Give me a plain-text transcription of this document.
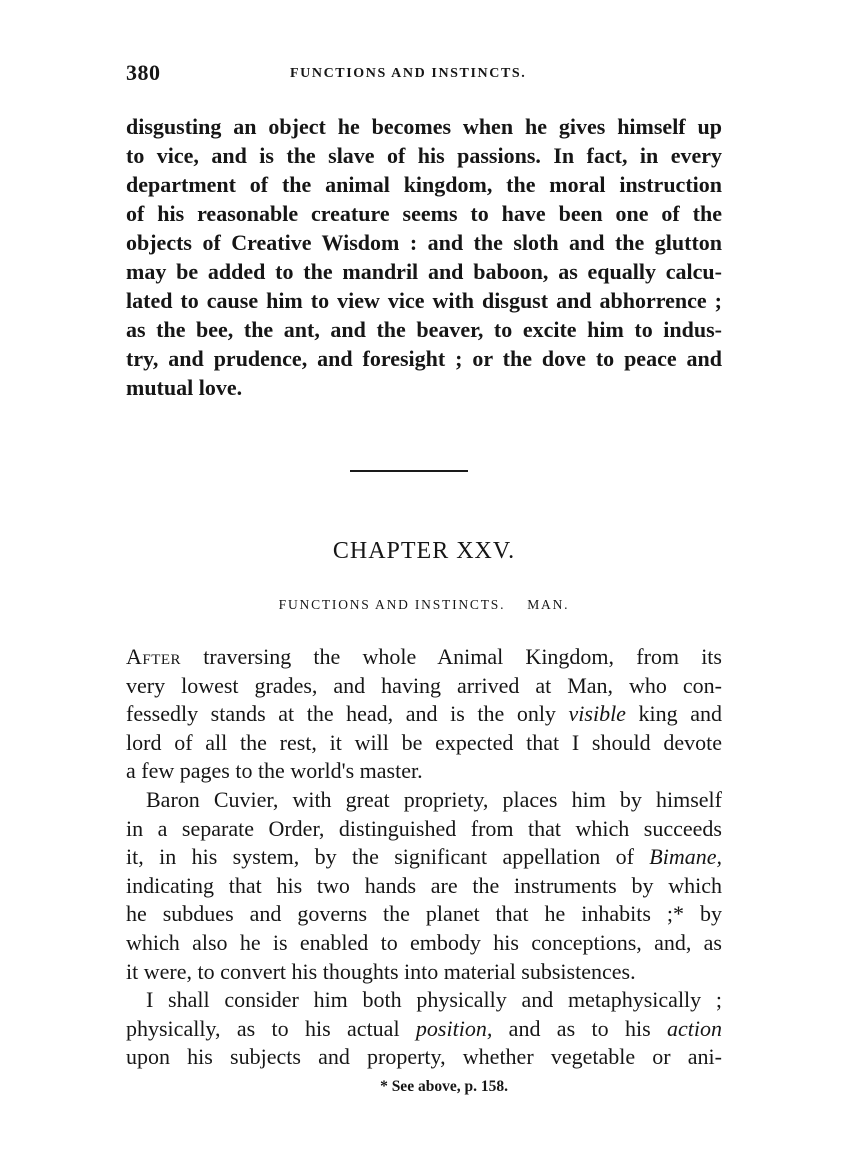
380	FUNCTIONS AND INSTINCTS.
disgusting an object he becomes when he gives himself up
to vice, and is the slave of his passions. In fact, in every
department of the animal kingdom, the moral instruction
of his reasonable creature seems to have been one of the
objects of Creative Wisdom : and the sloth and the glutton
may be added to the mandril and baboon, as equally calcu-
lated to cause him to view vice with disgust and abhorrence ;
as the bee, the ant, and the beaver, to excite him to indus-
try, and prudence, and foresight ; or the dove to peace and
mutual love.
CHAPTER XXV.
FUNCTIONS AND INSTINCTS. MAN.
After traversing the whole Animal Kingdom, from its
very lowest grades, and having arrived at Man, who con-
fessedly stands at the head, and is the only visible king and
lord of all the rest, it will be expected that I should devote
a few pages to the world's master.
Baron Cuvier, with great propriety, places him by himself
in a separate Order, distinguished from that which succeeds
it, in his system, by the significant appellation of Bimane,
indicating that his two hands are the instruments by which
he subdues and governs the planet that he inhabits ;* by
which also he is enabled to embody his conceptions, and, as
it were, to convert his thoughts into material subsistences.
I shall consider him both physically and metaphysically ;
physically, as to his actual position, and as to his action
upon his subjects and property, whether vegetable or ani-
* See above, p. 158.
